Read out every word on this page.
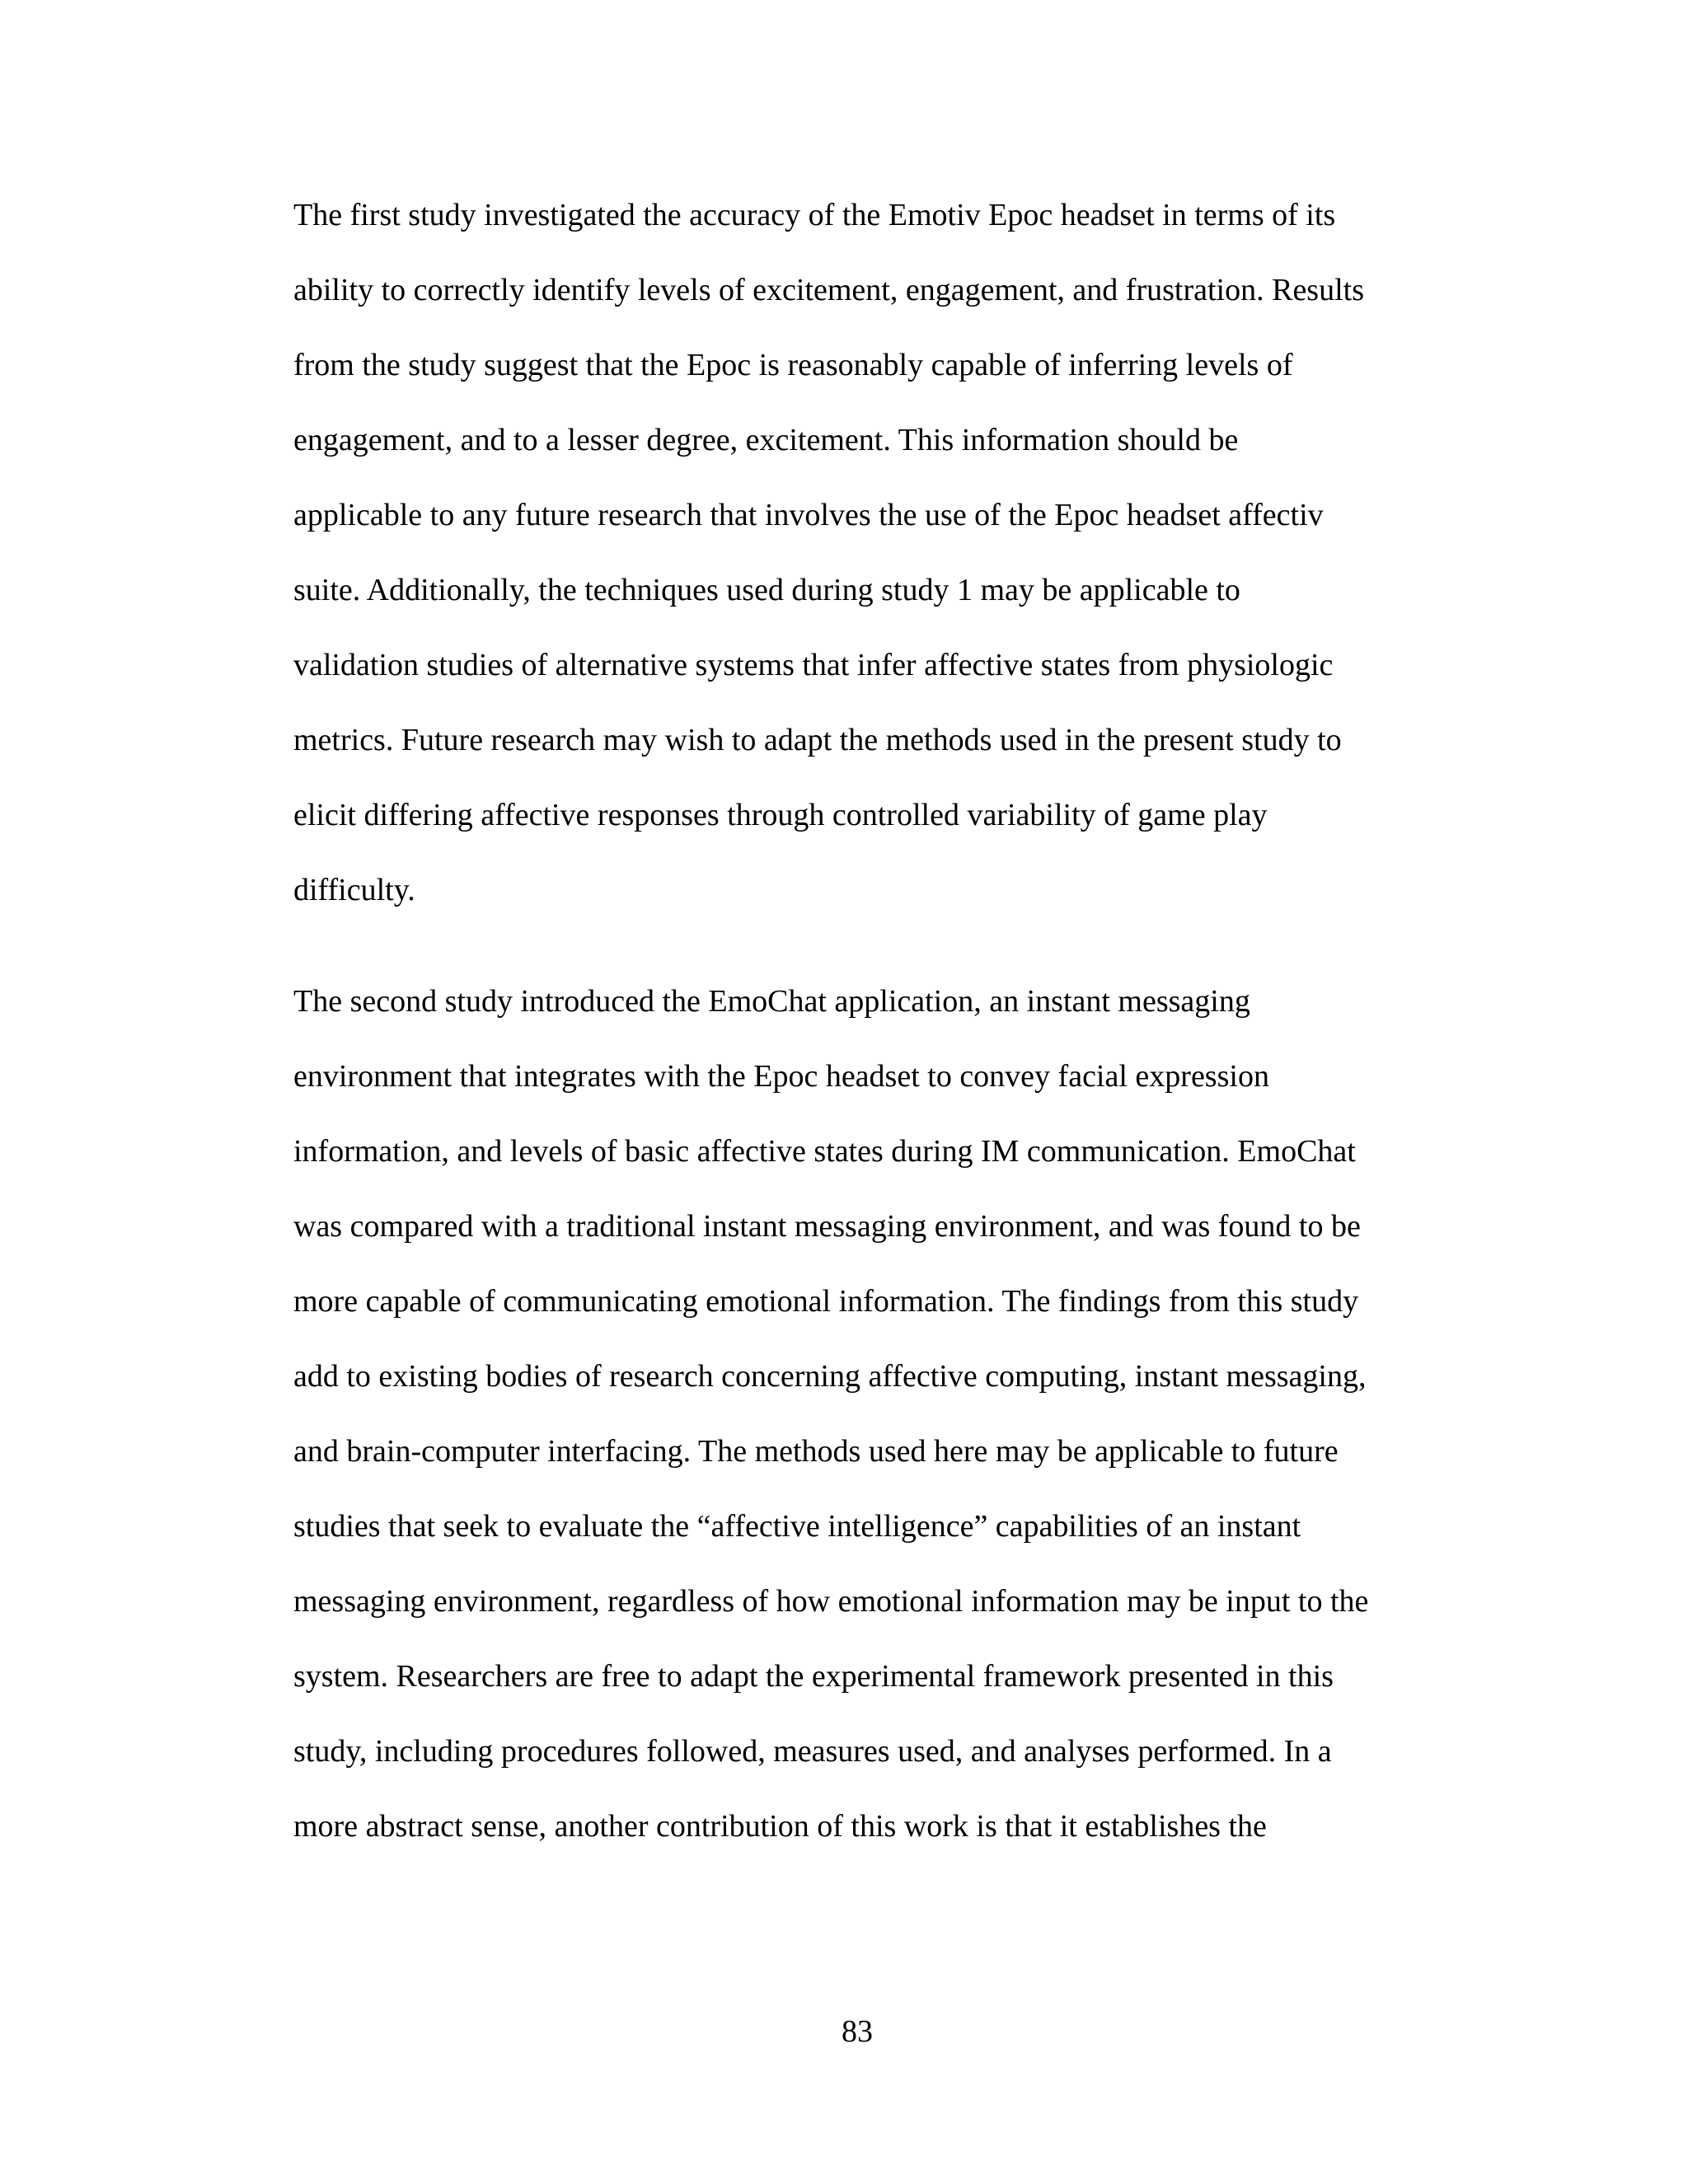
The first study investigated the accuracy of the Emotiv Epoc headset in terms of its
ability to correctly identify levels of excitement, engagement, and frustration. Results
from the study suggest that the Epoc is reasonably capable of inferring levels of
engagement, and to a lesser degree, excitement. This information should be
applicable to any future research that involves the use of the Epoc headset affectiv
suite. Additionally, the techniques used during study 1 may be applicable to
validation studies of alternative systems that infer affective states from physiologic
metrics. Future research may wish to adapt the methods used in the present study to
elicit differing affective responses through controlled variability of game play
difficulty.
The second study introduced the EmoChat application, an instant messaging
environment that integrates with the Epoc headset to convey facial expression
information, and levels of basic affective states during IM communication. EmoChat
was compared with a traditional instant messaging environment, and was found to be
more capable of communicating emotional information. The findings from this study
add to existing bodies of research concerning affective computing, instant messaging,
and brain-computer interfacing. The methods used here may be applicable to future
studies that seek to evaluate the “affective intelligence” capabilities of an instant
messaging environment, regardless of how emotional information may be input to the
system. Researchers are free to adapt the experimental framework presented in this
study, including procedures followed, measures used, and analyses performed. In a
more abstract sense, another contribution of this work is that it establishes the
83
